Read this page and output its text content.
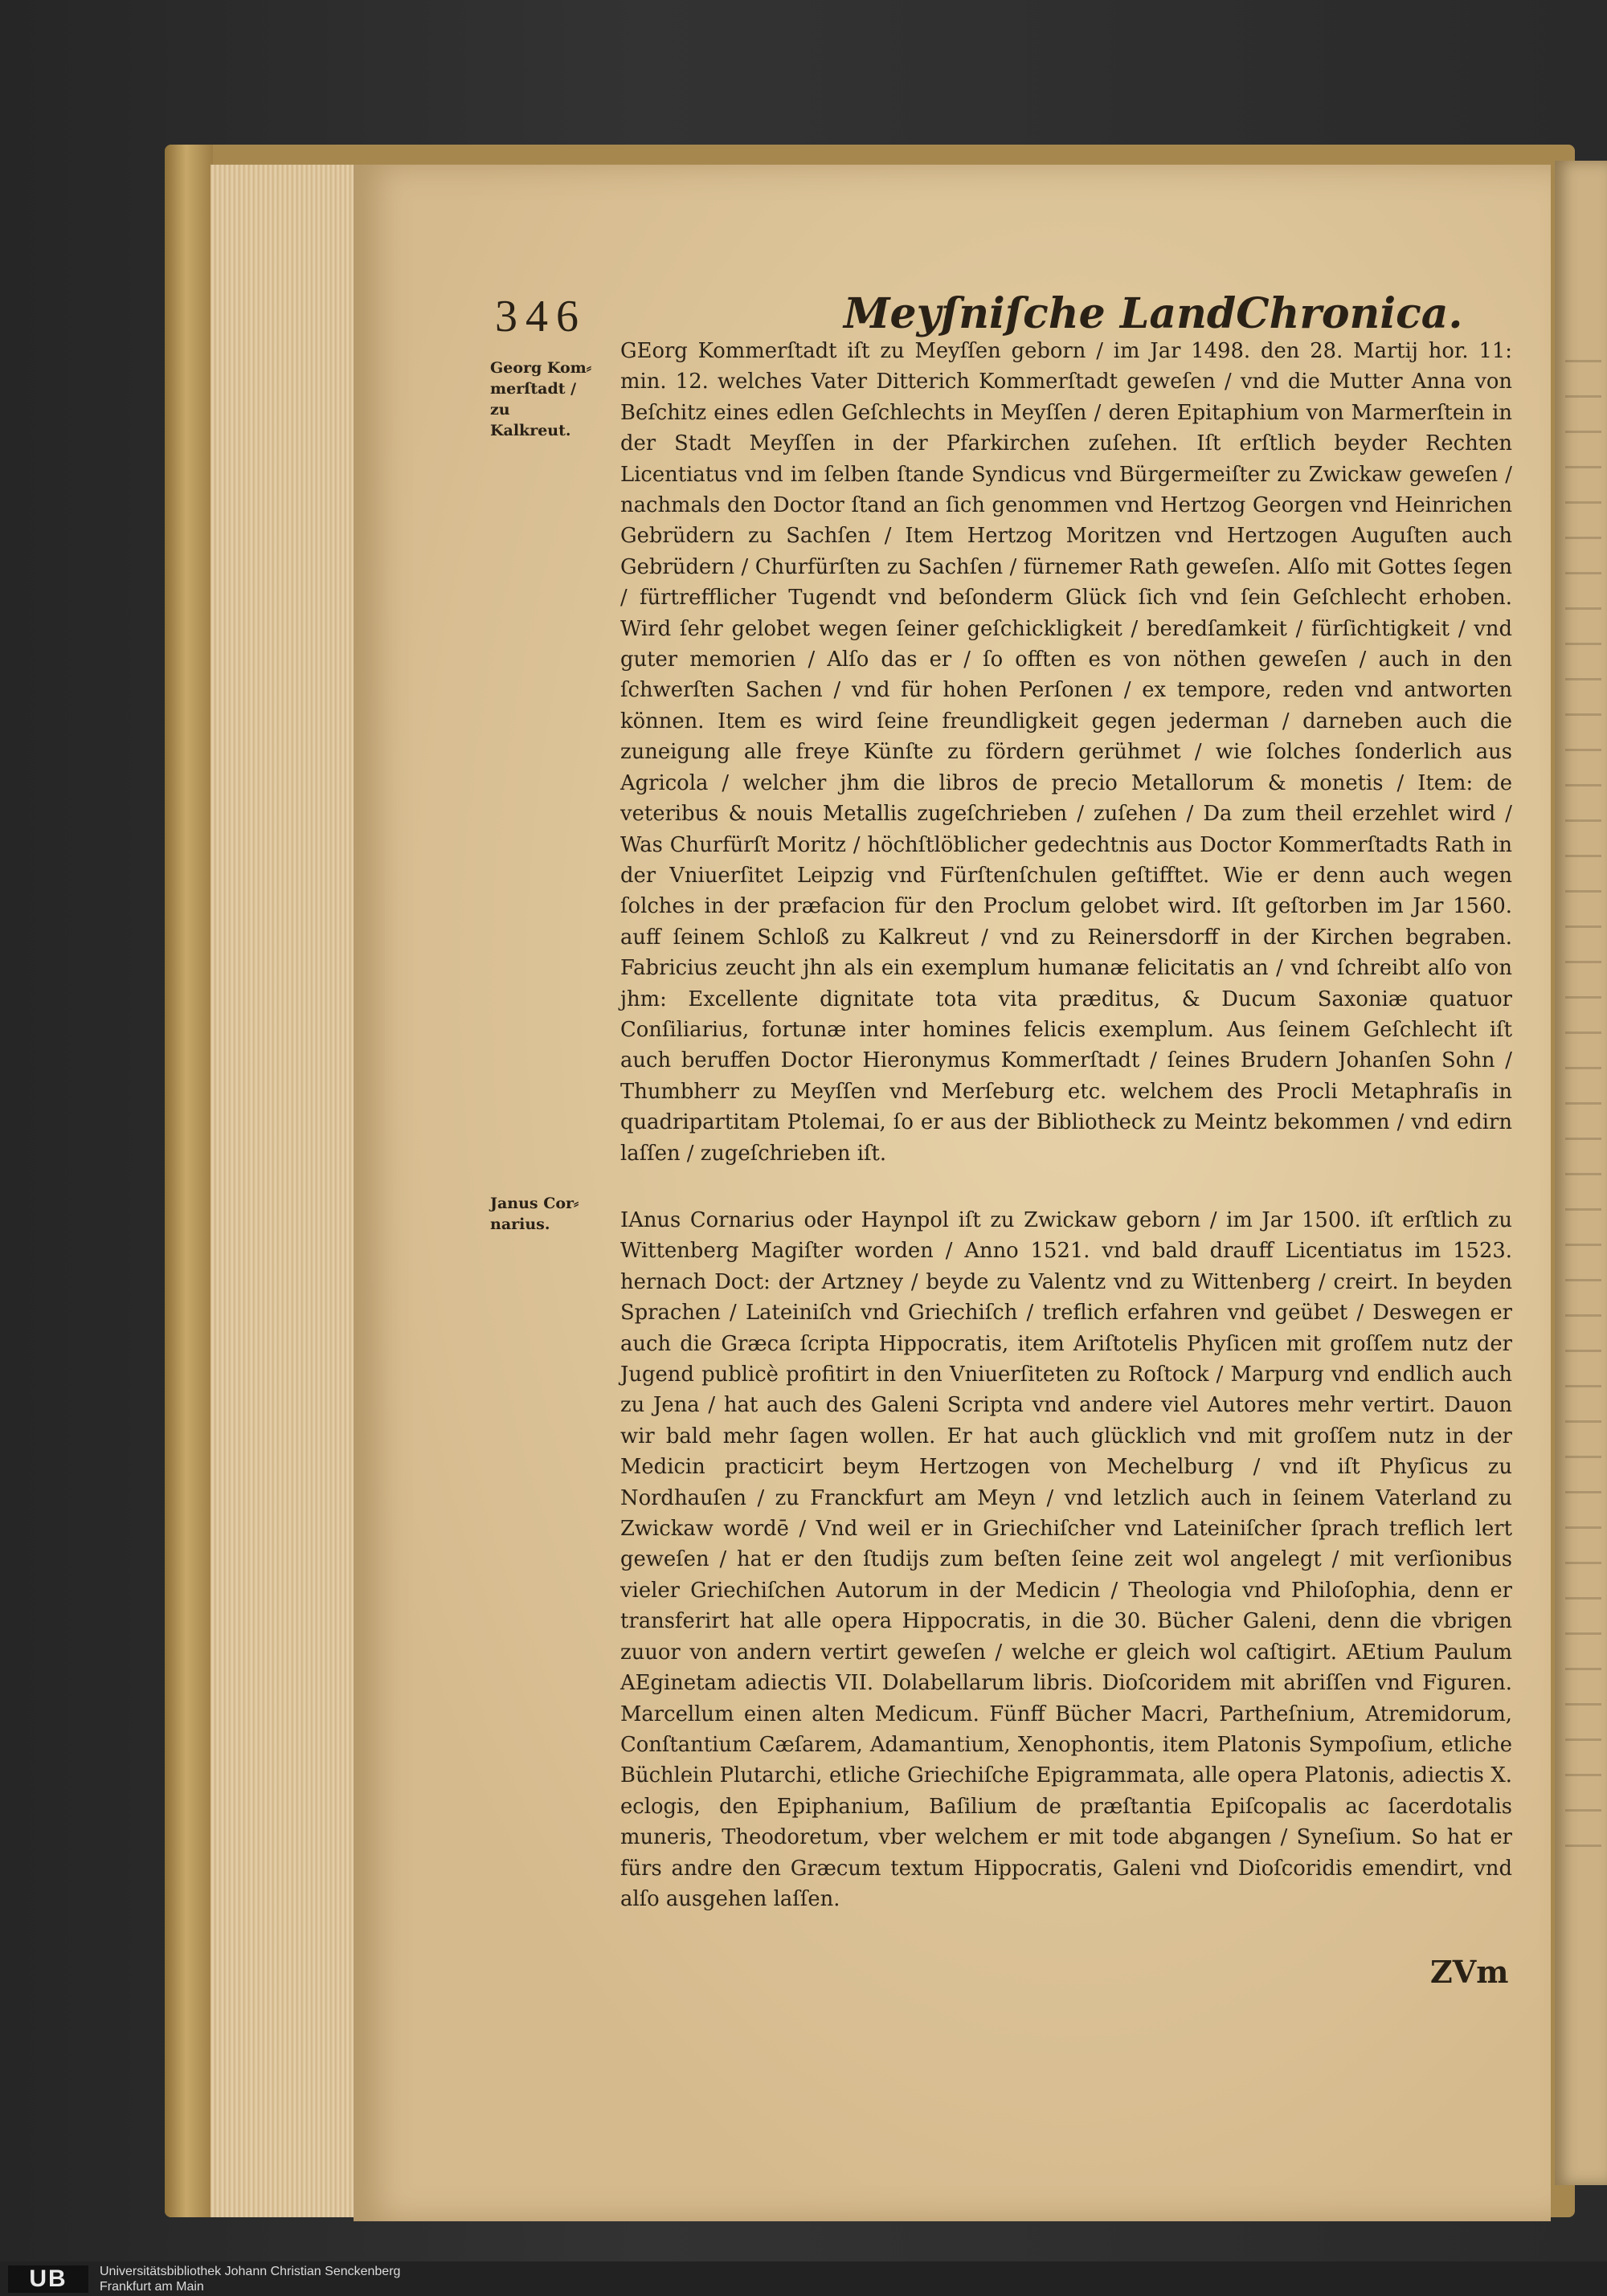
346	Meyſniſche LandChronica.
Georg Kom⸗ merſtadt / zu Kalkreut.
GEorg Kommerſtadt iſt zu Meyſſen geborn / im Jar 1498. den 28. Martij hor. 11: min. 12. welches Vater Ditterich Kommerſtadt geweſen / vnd die Mutter Anna von Beſchitz eines edlen Geſchlechts in Meyſſen / deren Epitaphium von Marmerſtein in der Stadt Meyſſen in der Pfarkirchen zuſehen. Iſt erſtlich beyder Rechten Licentiatus vnd im ſelben ſtande Syndicus vnd Bürgermeiſter zu Zwickaw geweſen / nachmals den Doctor ſtand an ſich genommen vnd Hertzog Georgen vnd Heinrichen Gebrüdern zu Sachſen / Item Hertzog Moritzen vnd Hertzogen Auguſten auch Gebrüdern / Churfürſten zu Sachſen / fürnemer Rath geweſen. Alſo mit Gottes ſegen / fürtrefflicher Tugendt vnd beſonderm Glück ſich vnd ſein Geſchlecht erhoben. Wird ſehr gelobet wegen ſeiner geſchickligkeit / beredſamkeit / fürſichtigkeit / vnd guter memorien / Alſo das er / ſo offten es von nöthen geweſen / auch in den ſchwerſten Sachen / vnd für hohen Perſonen / ex tempore, reden vnd antworten können. Item es wird ſeine freundligkeit gegen jederman / darneben auch die zuneigung alle freye Künſte zu fördern gerühmet / wie ſolches ſonderlich aus Agricola / welcher jhm die libros de precio Metallorum & monetis / Item: de veteribus & nouis Metallis zugeſchrieben / zuſehen / Da zum theil erzehlet wird / Was Churfürſt Moritz / höchſtlöblicher gedechtnis aus Doctor Kommerſtadts Rath in der Vniuerſitet Leipzig vnd Fürſtenſchulen geſtifftet. Wie er denn auch wegen ſolches in der præfacion für den Proclum gelobet wird. Iſt geſtorben im Jar 1560. auff ſeinem Schloß zu Kalkreut / vnd zu Reinersdorff in der Kirchen begraben. Fabricius zeucht jhn als ein exemplum humanæ felicitatis an / vnd ſchreibt alſo von jhm: Excellente dignitate tota vita præditus, & Ducum Saxoniæ quatuor Conſiliarius, fortunæ inter homines felicis exemplum. Aus ſeinem Geſchlecht iſt auch beruffen Doctor Hieronymus Kommerſtadt / ſeines Brudern Johanſen Sohn / Thumbherr zu Meyſſen vnd Merſeburg etc. welchem des Procli Metaphraſis in quadripartitam Ptolemai, ſo er aus der Bibliotheck zu Meintz bekommen / vnd edirn laſſen / zugeſchrieben iſt.
Janus Cor⸗ narius.	IAnus Cornarius oder Haynpol iſt zu Zwickaw geborn / im Jar 1500. iſt erſtlich zu Wittenberg Magiſter worden / Anno 1521. vnd bald drauff Licentiatus im 1523. hernach Doct: der Artzney / beyde zu Valentz vnd zu Wittenberg / creirt. In beyden Sprachen / Lateiniſch vnd Griechiſch / treflich erfahren vnd geübet / Deswegen er auch die Græca ſcripta Hippocratis, item Ariſtotelis Phyſicen mit groſſem nutz der Jugend publicè profitirt in den Vniuerſiteten zu Roſtock / Marpurg vnd endlich auch zu Jena / hat auch des Galeni Scripta vnd andere viel Autores mehr vertirt. Dauon wir bald mehr ſagen wollen. Er hat auch glücklich vnd mit groſſem nutz in der Medicin practicirt beym Hertzogen von Mechelburg / vnd iſt Phyſicus zu Nordhauſen / zu Franckfurt am Meyn / vnd letzlich auch in ſeinem Vaterland zu Zwickaw wordē / Vnd weil er in Griechiſcher vnd Lateiniſcher ſprach treflich lert geweſen / hat er den ſtudijs zum beſten ſeine zeit wol angelegt / mit verſionibus vieler Griechiſchen Autorum in der Medicin / Theologia vnd Philoſophia, denn er transferirt hat alle opera Hippocratis, in die 30. Bücher Galeni, denn die vbrigen zuuor von andern vertirt geweſen / welche er gleich wol caſtigirt. AEtium Paulum AEginetam adiectis VII. Dolabellarum libris. Dioſcoridem mit abriſſen vnd Figuren. Marcellum einen alten Medicum. Fünff Bücher Macri, Partheſnium, Atremidorum, Conſtantium Cæſarem, Adamantium, Xenophontis, item Platonis Sympoſium, etliche Büchlein Plutarchi, etliche Griechiſche Epigrammata, alle opera Platonis, adiectis X. eclogis, den Epiphanium, Baſilium de præſtantia Epiſcopalis ac ſacerdotalis muneris, Theodoretum, vber welchem er mit tode abgangen / Syneſium. So hat er fürs andre den Græcum textum Hippocratis, Galeni vnd Dioſcoridis emendirt, vnd alſo ausgehen laſſen.
ZVm
UB	Universitätsbibliothek Johann Christian Senckenberg
Frankfurt am Main
